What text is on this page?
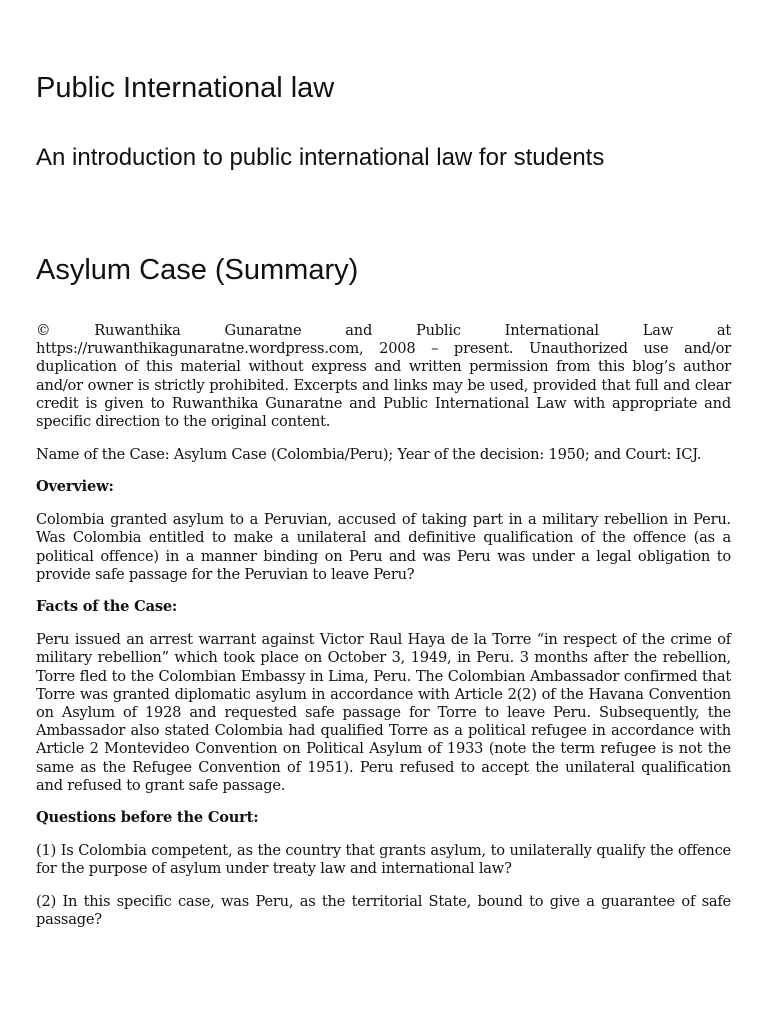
Public International law
An introduction to public international law for students
Asylum Case (Summary)

© Ruwanthika Gunaratne and Public International Law at https://ruwanthikagunaratne.wordpress.com, 2008 – present. Unauthorized use and/or duplication of this material without express and written permission from this blog’s author and/or owner is strictly prohibited. Excerpts and links may be used, provided that full and clear credit is given to Ruwanthika Gunaratne and Public International Law with appropriate and specific direction to the original content.

Name of the Case: Asylum Case (Colombia/Peru); Year of the decision: 1950; and Court: ICJ.

Overview:

Colombia granted asylum to a Peruvian, accused of taking part in a military rebellion in Peru. Was Colombia entitled to make a unilateral and definitive qualification of the offence (as a political offence) in a manner binding on Peru and was Peru was under a legal obligation to provide safe passage for the Peruvian to leave Peru?

Facts of the Case:

Peru issued an arrest warrant against Victor Raul Haya de la Torre “in respect of the crime of military rebellion” which took place on October 3, 1949, in Peru. 3 months after the rebellion, Torre fled to the Colombian Embassy in Lima, Peru. The Colombian Ambassador confirmed that Torre was granted diplomatic asylum in accordance with Article 2(2) of the Havana Convention on Asylum of 1928 and requested safe passage for Torre to leave Peru. Subsequently, the Ambassador also stated Colombia had qualified Torre as a political refugee in accordance with Article 2 Montevideo Convention on Political Asylum of 1933 (note the term refugee is not the same as the Refugee Convention of 1951). Peru refused to accept the unilateral qualification and refused to grant safe passage.

Questions before the Court:

(1) Is Colombia competent, as the country that grants asylum, to unilaterally qualify the offence for the purpose of asylum under treaty law and international law?

(2) In this specific case, was Peru, as the territorial State, bound to give a guarantee of safe passage?
